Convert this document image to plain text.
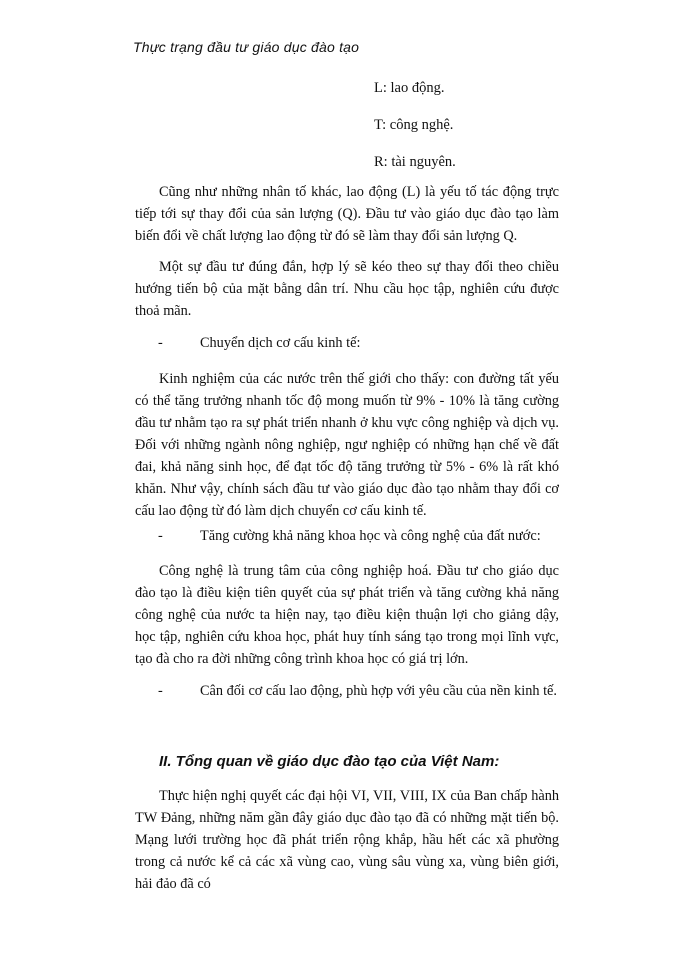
Thực trạng đầu tư giáo dục đào tạo
L: lao động.
T: công nghệ.
R: tài nguyên.

Cũng như những nhân tố khác, lao động (L) là yếu tố tác động trực tiếp tới sự thay đổi của sản lượng (Q). Đầu tư vào giáo dục đào tạo làm biến đổi về chất lượng lao động từ đó sẽ làm thay đổi sản lượng Q.

Một sự đầu tư đúng đắn, hợp lý sẽ kéo theo sự thay đổi theo chiều hướng tiến bộ của mặt bằng dân trí. Nhu cầu học tập, nghiên cứu được thoả mãn.

-	Chuyển dịch cơ cấu kinh tế:

Kinh nghiệm của các nước trên thế giới cho thấy: con đường tất yếu có thể tăng trưởng nhanh tốc độ mong muốn từ 9% - 10% là tăng cường đầu tư nhằm tạo ra sự phát triển nhanh ở khu vực công nghiệp và dịch vụ. Đối với những ngành nông nghiệp, ngư nghiệp có những hạn chế về đất đai, khả năng sinh học, để đạt tốc độ tăng trưởng từ 5% - 6% là rất khó khăn. Như vậy, chính sách đầu tư vào giáo dục đào tạo nhằm thay đổi cơ cấu lao động từ đó làm dịch chuyển cơ cấu kinh tế.

-	Tăng cường khả năng khoa học và công nghệ của đất nước:

Công nghệ là trung tâm của công nghiệp hoá. Đầu tư cho giáo dục đào tạo là điều kiện tiên quyết của sự phát triển và tăng cường khả năng công nghệ của nước ta hiện nay, tạo điều kiện thuận lợi cho giảng dậy, học tập, nghiên cứu khoa học, phát huy tính sáng tạo trong mọi lĩnh vực, tạo đà cho ra đời những công trình khoa học có giá trị lớn.

-	Cân đối cơ cấu lao động, phù hợp với yêu cầu của nền kinh tế.
II. Tổng quan về giáo dục đào tạo của Việt Nam:

Thực hiện nghị quyết các đại hội VI, VII, VIII, IX của Ban chấp hành TW Đảng, những năm gần đây giáo dục đào tạo đã có những mặt tiến bộ. Mạng lưới trường học đã phát triển rộng khắp, hầu hết các xã phường trong cả nước kể cả các xã vùng cao, vùng sâu vùng xa, vùng biên giới, hải đảo đã có
